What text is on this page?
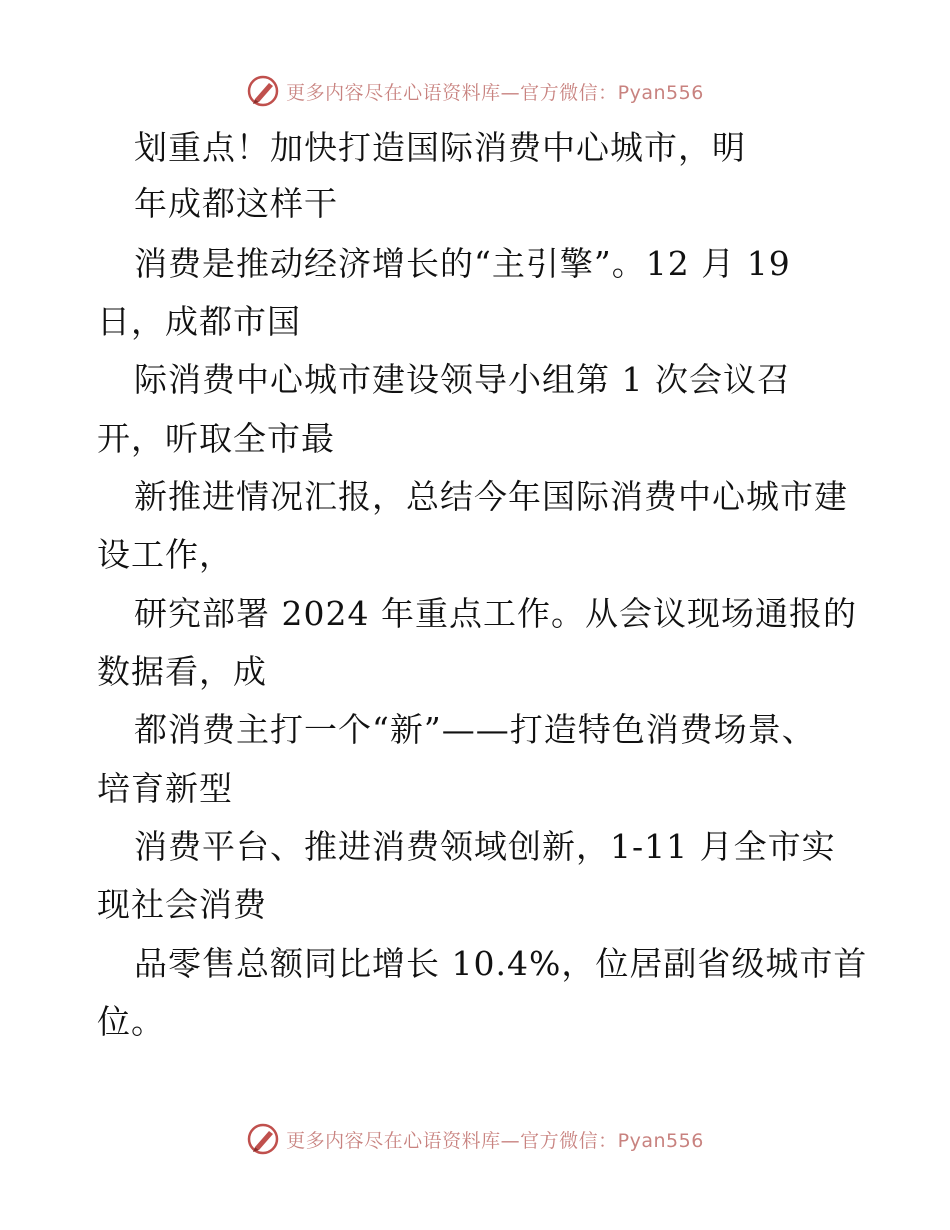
更多内容尽在心语资料库—官方微信：Pyan556
划重点！加快打造国际消费中心城市，明
年成都这样干
消费是推动经济增长的“主引擎”。12 月 19
日，成都市国
际消费中心城市建设领导小组第 1 次会议召
开，听取全市最
新推进情况汇报，总结今年国际消费中心城市建
设工作，
研究部署 2024 年重点工作。从会议现场通报的
数据看，成
都消费主打一个“新”——打造特色消费场景、
培育新型
消费平台、推进消费领域创新，1-11 月全市实
现社会消费
品零售总额同比增长 10.4%，位居副省级城市首
位。
更多内容尽在心语资料库—官方微信：Pyan556
